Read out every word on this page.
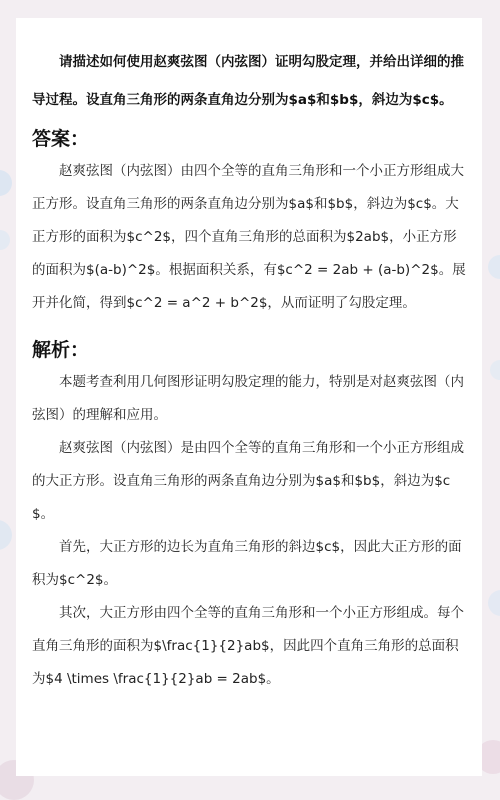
请描述如何使用赵爽弦图（内弦图）证明勾股定理，并给出详细的推导过程。设直角三角形的两条直角边分别为$a$和$b$，斜边为$c$。

答案：

赵爽弦图（内弦图）由四个全等的直角三角形和一个小正方形组成大正方形。设直角三角形的两条直角边分别为$a$和$b$，斜边为$c$。大正方形的面积为$c^2$，四个直角三角形的总面积为$2ab$，小正方形的面积为$(a-b)^2$。根据面积关系，有$c^2 = 2ab + (a-b)^2$。展开并化简，得到$c^2 = a^2 + b^2$，从而证明了勾股定理。

解析：

本题考查利用几何图形证明勾股定理的能力，特别是对赵爽弦图（内弦图）的理解和应用。

赵爽弦图（内弦图）是由四个全等的直角三角形和一个小正方形组成的大正方形。设直角三角形的两条直角边分别为$a$和$b$，斜边为$c$。

首先，大正方形的边长为直角三角形的斜边$c$，因此大正方形的面积为$c^2$。

其次，大正方形由四个全等的直角三角形和一个小正方形组成。每个直角三角形的面积为$\frac{1}{2}ab$，因此四个直角三角形的总面积为$4 \times \frac{1}{2}ab = 2ab$。
